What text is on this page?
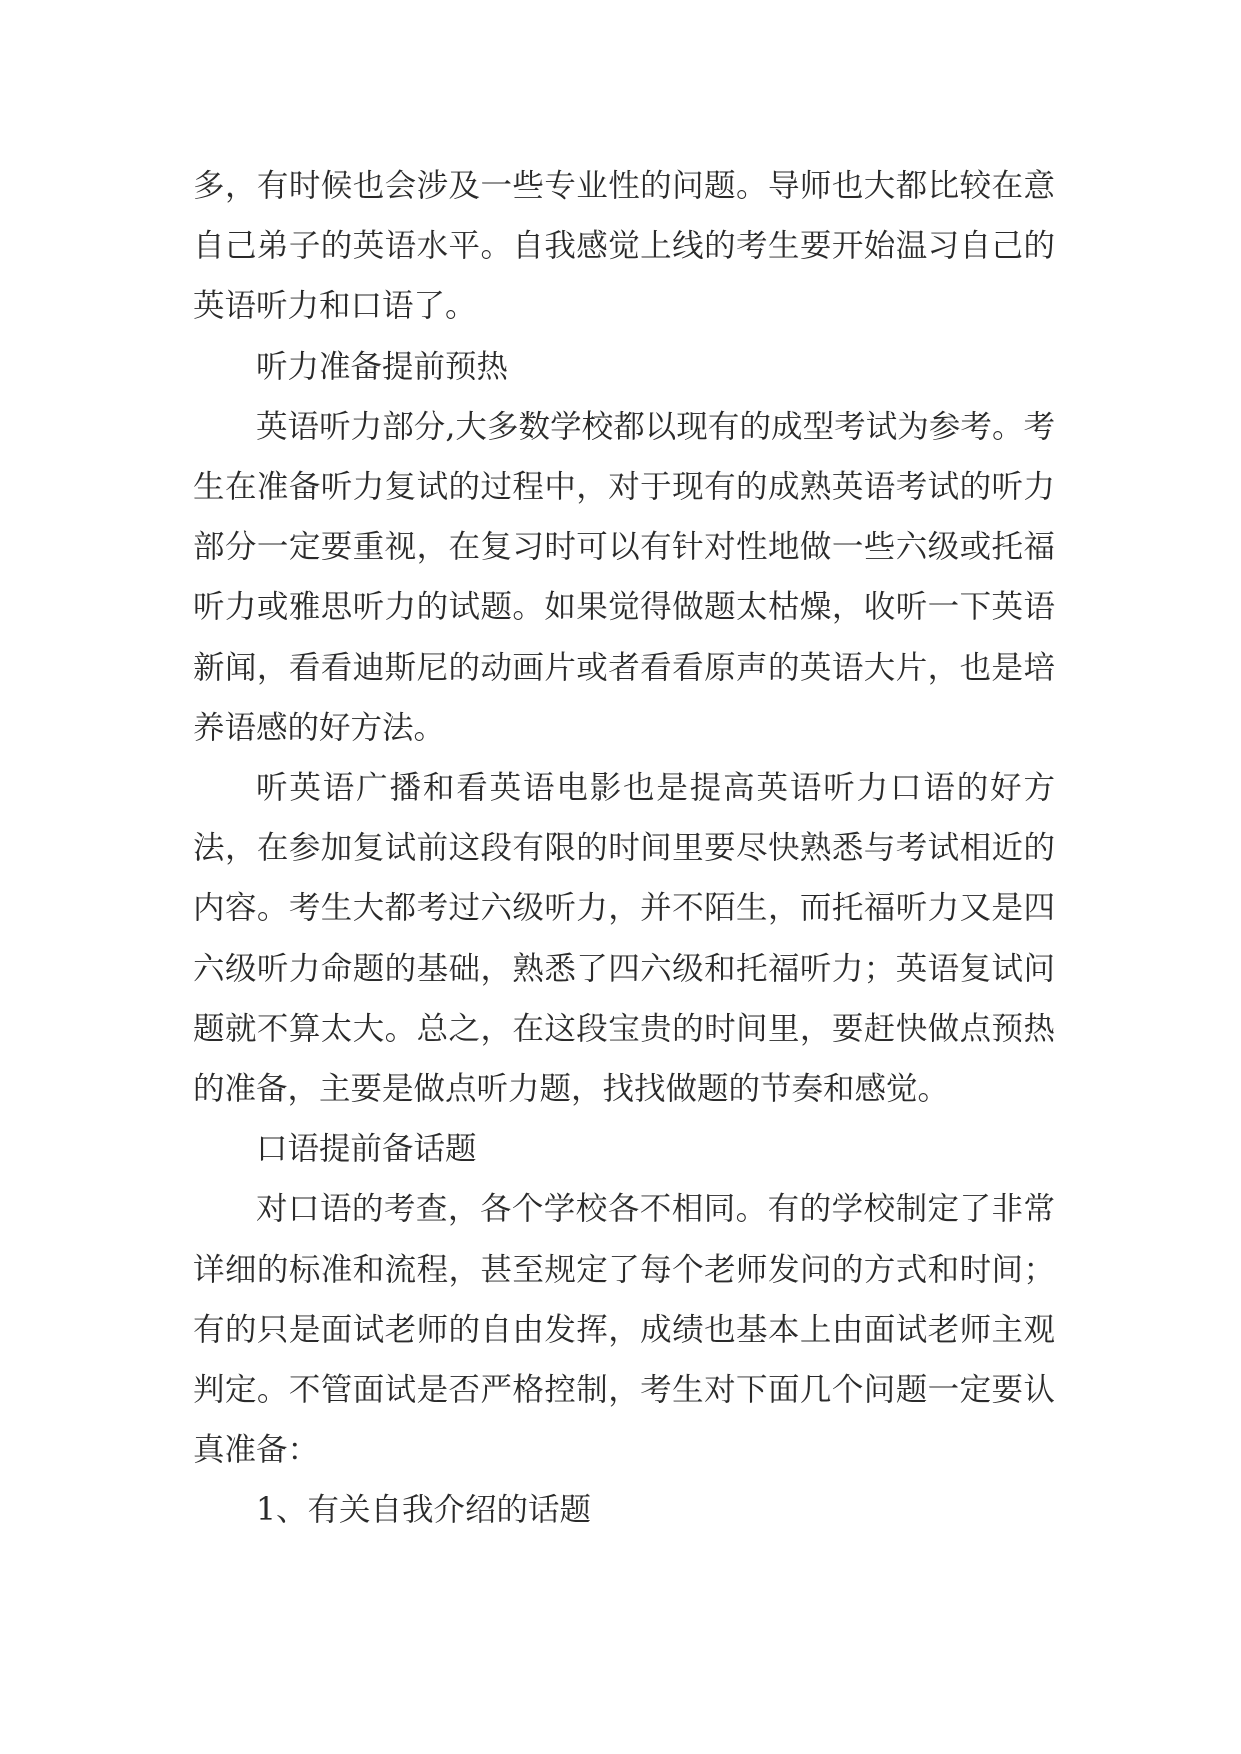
多，有时候也会涉及一些专业性的问题。导师也大都比较在意自己弟子的英语水平。自我感觉上线的考生要开始温习自己的英语听力和口语了。

听力准备提前预热

英语听力部分,大多数学校都以现有的成型考试为参考。考生在准备听力复试的过程中，对于现有的成熟英语考试的听力部分一定要重视，在复习时可以有针对性地做一些六级或托福听力或雅思听力的试题。如果觉得做题太枯燥，收听一下英语新闻，看看迪斯尼的动画片或者看看原声的英语大片，也是培养语感的好方法。

听英语广播和看英语电影也是提高英语听力口语的好方法，在参加复试前这段有限的时间里要尽快熟悉与考试相近的内容。考生大都考过六级听力，并不陌生，而托福听力又是四六级听力命题的基础，熟悉了四六级和托福听力；英语复试问题就不算太大。总之，在这段宝贵的时间里，要赶快做点预热的准备，主要是做点听力题，找找做题的节奏和感觉。

口语提前备话题

对口语的考查，各个学校各不相同。有的学校制定了非常详细的标准和流程，甚至规定了每个老师发问的方式和时间；有的只是面试老师的自由发挥，成绩也基本上由面试老师主观判定。不管面试是否严格控制，考生对下面几个问题一定要认真准备：

1、有关自我介绍的话题
